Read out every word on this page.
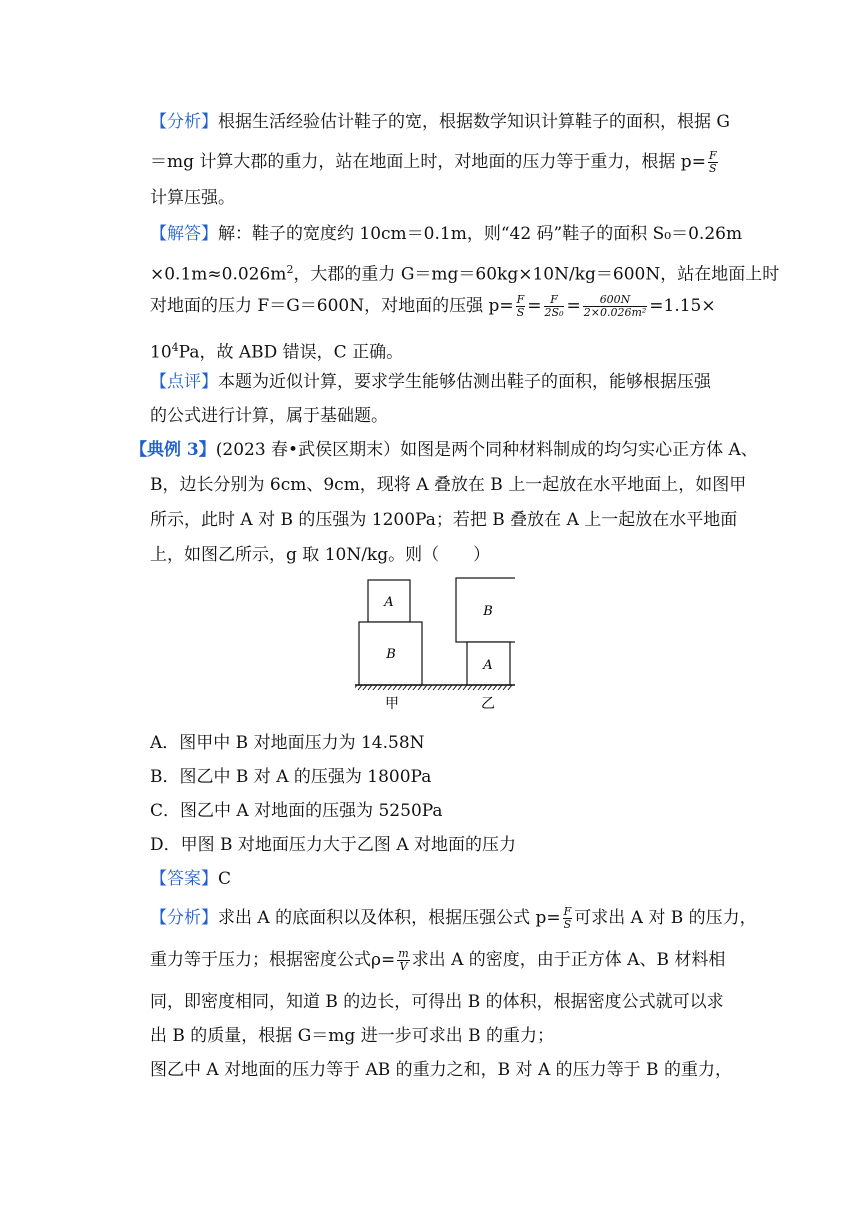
【分析】根据生活经验估计鞋子的宽，根据数学知识计算鞋子的面积，根据 G
＝mg 计算大郡的重力，站在地面上时，对地面的压力等于重力，根据 $p= \frac{F}{S}$
计算压强。
【解答】解：鞋子的宽度约 10cm＝0.1m，则“42 码”鞋子的面积 S₀＝0.26m
$\times 0.1m\approx 0.026m^2$，大郡的重力 G＝mg＝60kg×10N/kg＝600N，站在地面上时
对地面的压力 F＝G＝600N，对地面的压强 $p= \frac{F}{S} = \frac{F}{\text{2S₀}} = \frac{600N}{\text{2×0.026m²}} =1.15\times$
$10^4Pa$，故 ABD 错误，C 正确。
【点评】本题为近似计算，要求学生能够估测出鞋子的面积，能够根据压强
的公式进行计算，属于基础题。
【典例 3】(2023 春•武侯区期末）如图是两个同种材料制成的均匀实心正方体 A、
B，边长分别为 6cm、9cm，现将 A 叠放在 B 上一起放在水平地面上，如图甲
所示，此时 A 对 B 的压强为 1200Pa；若把 B 叠放在 A 上一起放在水平地面
上，如图乙所示，g 取 10N/kg。则（　　）
A
B
B
A
甲	乙
A．图甲中 B 对地面压力为 14.58N
B．图乙中 B 对 A 的压强为 1800Pa
C．图乙中 A 对地面的压强为 5250Pa
D．甲图 B 对地面压力大于乙图 A 对地面的压力
【答案】C
【分析】求出 A 的底面积以及体积，根据压强公式 $p= \frac{F}{S}$ 可求出 A 对 B 的压力，
重力等于压力；根据密度公式$\rho= \frac{m}{V}$ 求出 A 的密度，由于正方体 A、B 材料相
同，即密度相同，知道 B 的边长，可得出 B 的体积，根据密度公式就可以求
出 B 的质量，根据 G＝mg 进一步可求出 B 的重力；
图乙中 A 对地面的压力等于 AB 的重力之和，B 对 A 的压力等于 B 的重力，
